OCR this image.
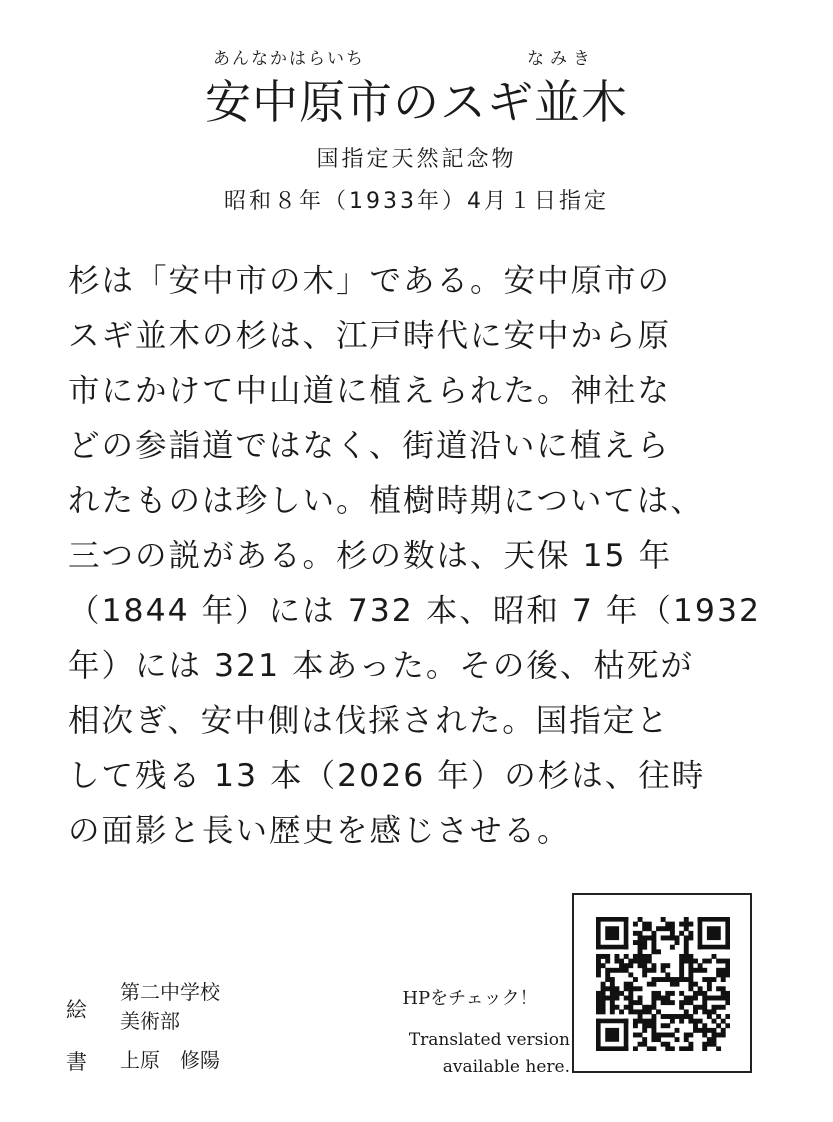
あんなかはらいち	なみき
安中原市のスギ並木
国指定天然記念物
昭和８年（1933年）4月１日指定
杉は「安中市の木」である。安中原市の
スギ並木の杉は、江戸時代に安中から原
市にかけて中山道に植えられた。神社な
どの参詣道ではなく、街道沿いに植えら
れたものは珍しい。植樹時期については、
三つの説がある。杉の数は、天保 15 年
（1844 年）には 732 本、昭和 7 年（1932
年）には 321 本あった。その後、枯死が
相次ぎ、安中側は伐採された。国指定と
して残る 13 本（2026 年）の杉は、往時
の面影と長い歴史を感じさせる。
絵
第二中学校
美術部
書	上原　修陽
HPをチェック！
Translated version
available here.
